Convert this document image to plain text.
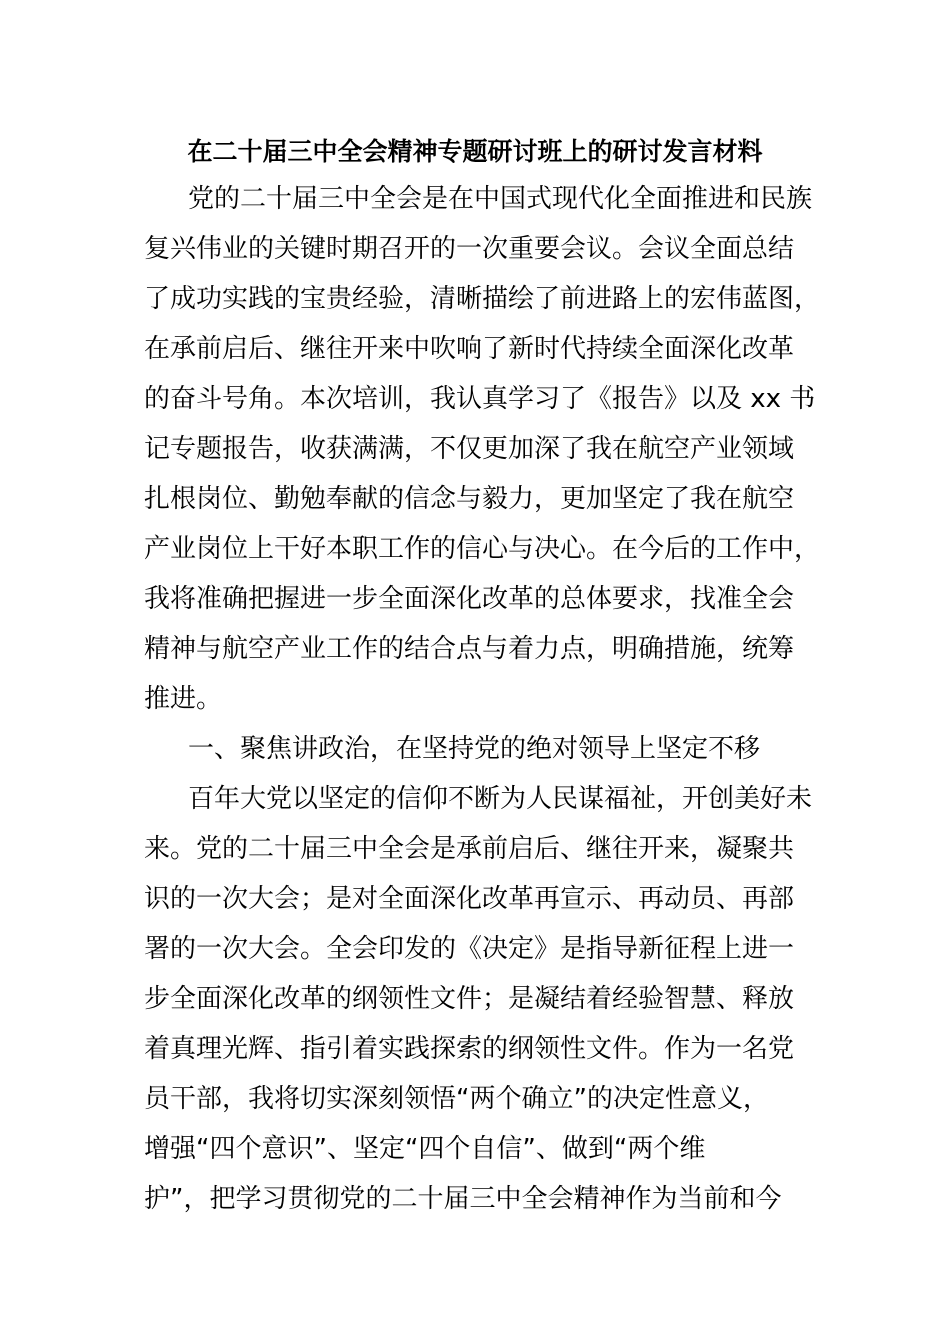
在二十届三中全会精神专题研讨班上的研讨发言材料
党的二十届三中全会是在中国式现代化全面推进和民族
复兴伟业的关键时期召开的一次重要会议。会议全面总结
了成功实践的宝贵经验，清晰描绘了前进路上的宏伟蓝图，
在承前启后、继往开来中吹响了新时代持续全面深化改革
的奋斗号角。本次培训，我认真学习了《报告》以及 xx 书
记专题报告，收获满满，不仅更加深了我在航空产业领域
扎根岗位、勤勉奉献的信念与毅力，更加坚定了我在航空
产业岗位上干好本职工作的信心与决心。在今后的工作中，
我将准确把握进一步全面深化改革的总体要求，找准全会
精神与航空产业工作的结合点与着力点，明确措施，统筹
推进。
一、聚焦讲政治，在坚持党的绝对领导上坚定不移
百年大党以坚定的信仰不断为人民谋福祉，开创美好未
来。党的二十届三中全会是承前启后、继往开来，凝聚共
识的一次大会；是对全面深化改革再宣示、再动员、再部
署的一次大会。全会印发的《决定》是指导新征程上进一
步全面深化改革的纲领性文件；是凝结着经验智慧、释放
着真理光辉、指引着实践探索的纲领性文件。作为一名党
员干部，我将切实深刻领悟“两个确立”的决定性意义，
增强“四个意识”、坚定“四个自信”、做到“两个维
护”，把学习贯彻党的二十届三中全会精神作为当前和今
